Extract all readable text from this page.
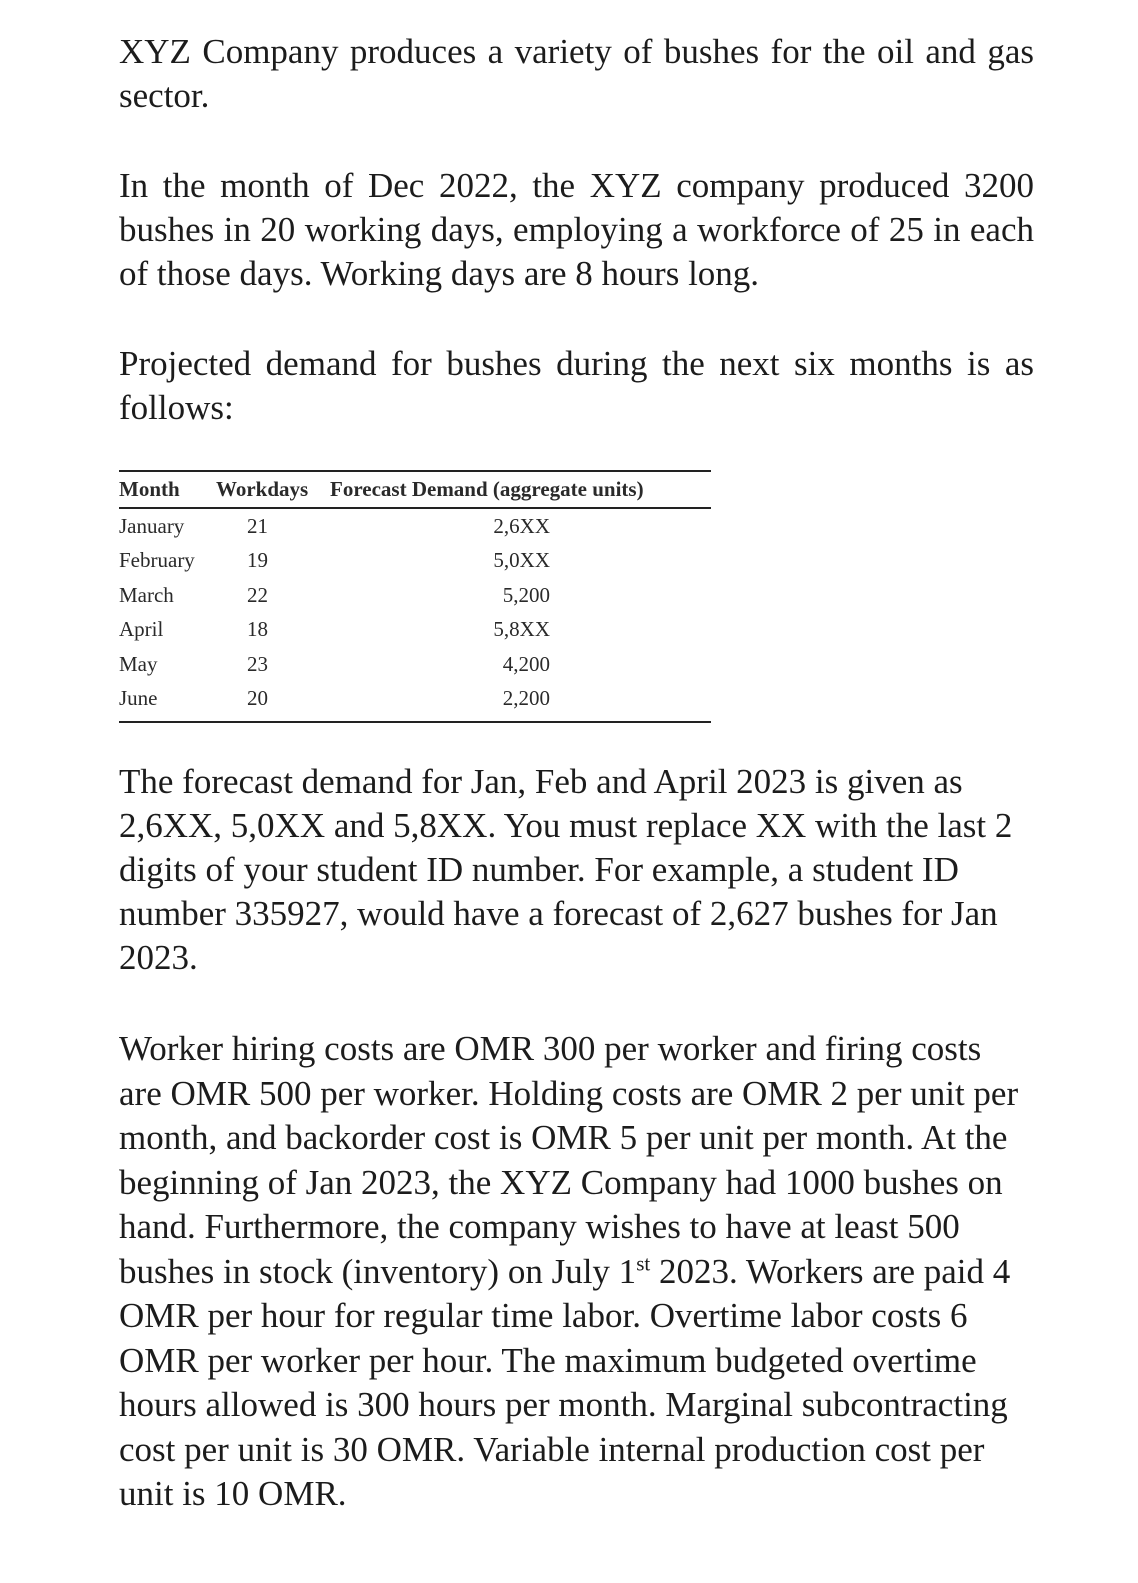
XYZ Company produces a variety of bushes for the oil and gas sector.

In the month of Dec 2022, the XYZ company produced 3200 bushes in 20 working days, employing a workforce of 25 in each of those days. Working days are 8 hours long.

Projected demand for bushes during the next six months is as follows:

Month	Workdays	Forecast Demand (aggregate units)
January	21	2,6XX
February	19	5,0XX
March	22	5,200
April	18	5,8XX
May	23	4,200
June	20	2,200

The forecast demand for Jan, Feb and April 2023 is given as 2,6XX, 5,0XX and 5,8XX. You must replace XX with the last 2 digits of your student ID number. For example, a student ID number 335927, would have a forecast of 2,627 bushes for Jan 2023.

Worker hiring costs are OMR 300 per worker and firing costs are OMR 500 per worker. Holding costs are OMR 2 per unit per month, and backorder cost is OMR 5 per unit per month. At the beginning of Jan 2023, the XYZ Company had 1000 bushes on hand. Furthermore, the company wishes to have at least 500 bushes in stock (inventory) on July 1st 2023. Workers are paid 4 OMR per hour for regular time labor. Overtime labor costs 6 OMR per worker per hour. The maximum budgeted overtime hours allowed is 300 hours per month. Marginal subcontracting cost per unit is 30 OMR. Variable internal production cost per unit is 10 OMR.
